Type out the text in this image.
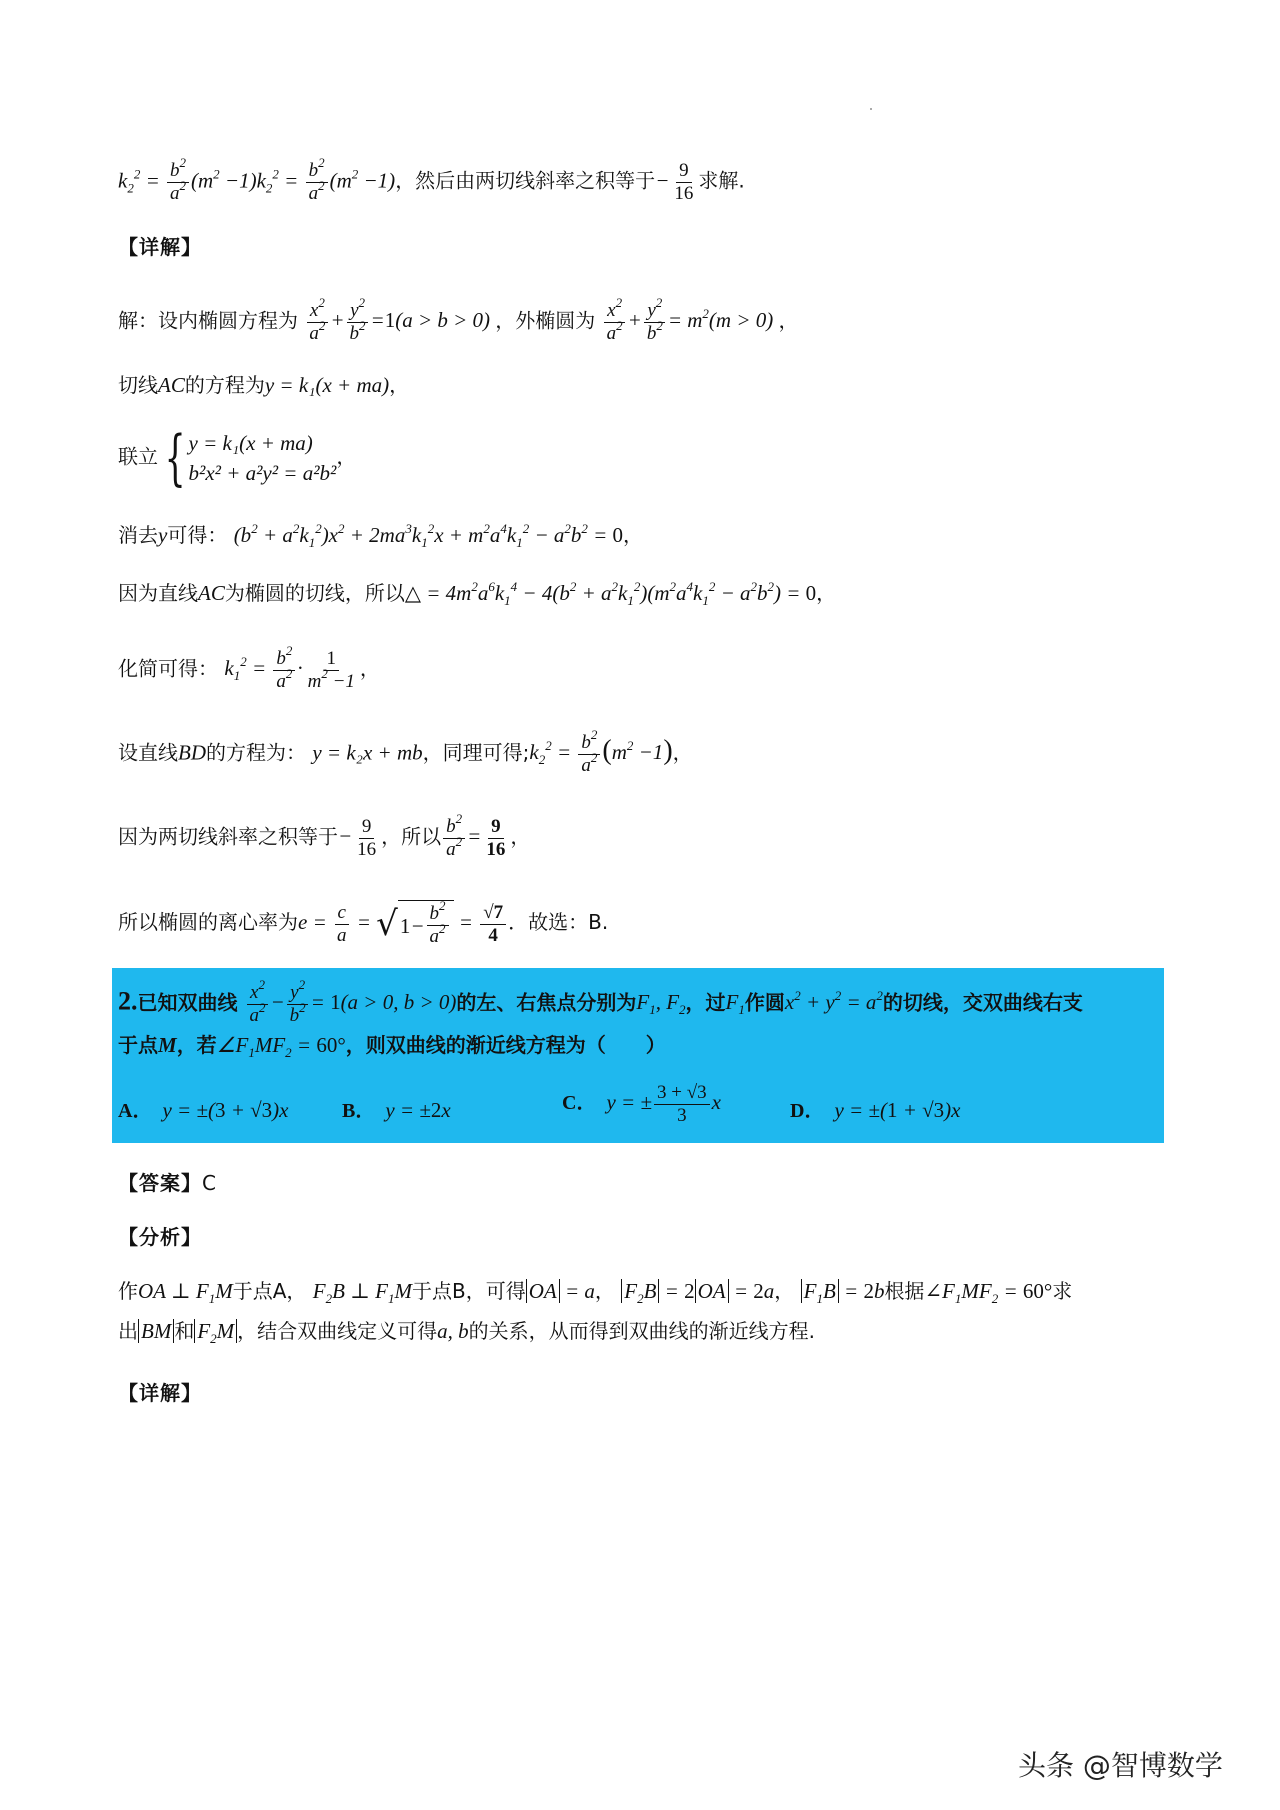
$k_2^2 = \frac{b^2}{a^2} (m^2 -1)k_2^2 = \frac{b^2}{a^2} (m^2 -1)$，然后由两切线斜率之积等于− $\frac{9}{16}$ 求解.
【详解】
解：设内椭圆方程为 $\frac{x^2}{a^2} + \frac{y^2}{b^2} =1(a > b > 0)$ ，外椭圆为 $\frac{x^2}{a^2} + \frac{y^2}{b^2} = m^2(m > 0)$ ，
切线AC的方程为y = k₁(x + ma)，
联立 { y = k₁(x + ma)
b²x² + a²y² = a²b²
，
消去y可得： $(b^2 + a^2k_1^2)x^2 + 2ma^3k_1^2x + m^2a^4k_1^2 - a^2b^2 = 0$，
因为直线AC为椭圆的切线，所以△ = $4m^2a^6k_1^4 - 4(b^2 + a^2k_1^2)(m^2a^4k_1^2 - a^2b^2) = 0$，
化简可得： $k_1^2 = \frac{b^2}{a^2} \cdot \frac{1}{m^2 -1}$ ，
设直线BD的方程为： y = k₂x + mb，同理可得$;k_2^2 = \frac{b^2}{a^2} (m^2 -1)$，
因为两切线斜率之积等于− $\frac{9}{16}$ ，所以 $\frac{b^2}{a^2} = \frac{9}{16}$ ，
所以椭圆的离心率为$e = \frac{c}{a}$ = √ $1 - \frac{b^2}{a^2} = \frac{√7}{4}$ ．故选：B.
2.已知双曲线 $\frac{x^2}{a^2} - \frac{y^2}{b^2} = 1(a > 0$, b > 0)的左、右焦点分别为$F_1$, $F_2$，过$F_1$作圆$x^2 + y^2 = a^2$的切线，交双曲线右支
于点M，若$\angle F_1MF_2 = 60^\circ$，则双曲线的渐近线方程为（　　）
A． y = ±(3 + √3)x	B． y = ±2x	C． y = ± $\frac{3 + √3}{3}$ x	D． y = ±(1 + √3)x
【答案】C
【分析】
作OA ⊥ $F_1M$于点A， $F_2B$ ⊥ $F_1M$于点B，可得 OA = a， $F_2B = 2$ OA = 2a， $F_1B = 2b$根据$\angle F_1MF_2 = 60^\circ$求
出 BM 和 $F_2M$ ，结合双曲线定义可得a, b的关系，从而得到双曲线的渐近线方程.
【详解】
头条 @智博数学
